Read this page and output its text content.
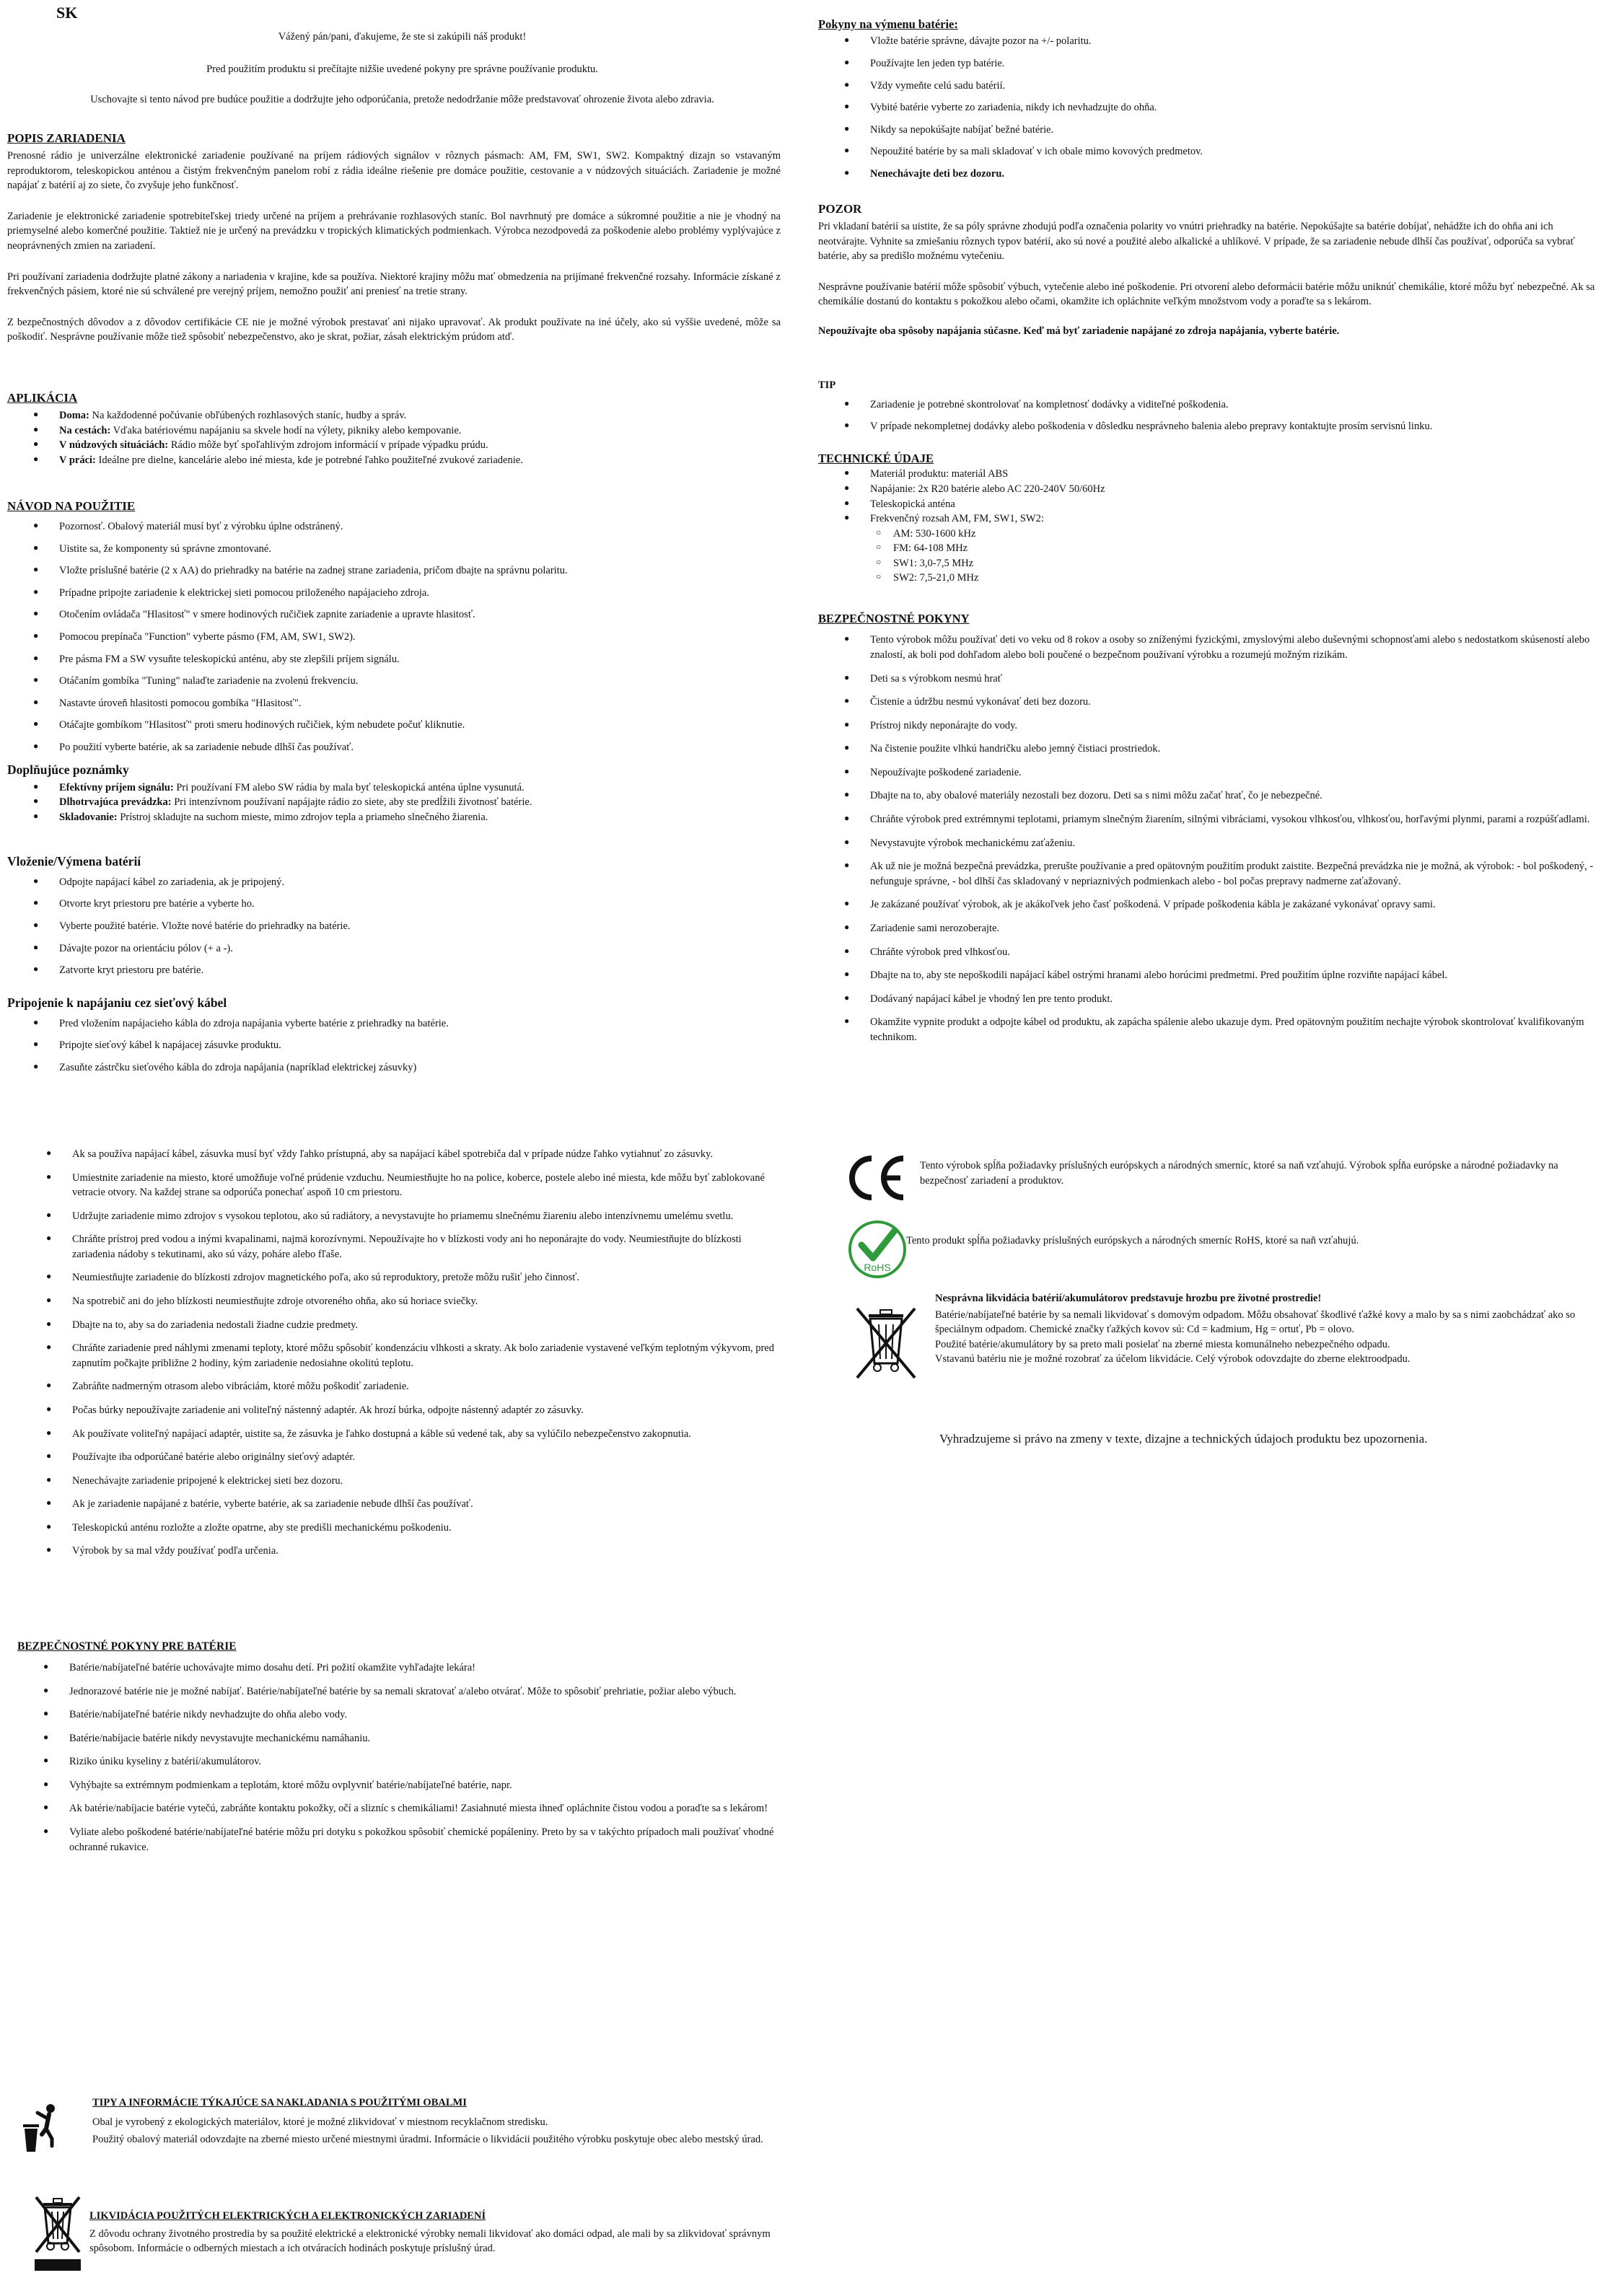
SK

Vážený pán/pani, ďakujeme, že ste si zakúpili náš produkt!

Pred použitím produktu si prečítajte nižšie uvedené pokyny pre správne používanie produktu.

Uschovajte si tento návod pre budúce použitie a dodržujte jeho odporúčania, pretože nedodržanie môže predstavovať ohrozenie života alebo zdravia.

POPIS ZARIADENIA

Prenosné rádio je univerzálne elektronické zariadenie používané na príjem rádiových signálov v rôznych pásmach: AM, FM, SW1, SW2. Kompaktný dizajn so vstavaným reproduktorom, teleskopickou anténou a čistým frekvenčným panelom robí z rádia ideálne riešenie pre domáce použitie, cestovanie a v núdzových situáciách. Zariadenie je možné napájať z batérií aj zo siete, čo zvyšuje jeho funkčnosť.

Zariadenie je elektronické zariadenie spotrebiteľskej triedy určené na príjem a prehrávanie rozhlasových staníc. Bol navrhnutý pre domáce a súkromné použitie a nie je vhodný na priemyselné alebo komerčné použitie. Taktiež nie je určený na prevádzku v tropických klimatických podmienkach. Výrobca nezodpovedá za poškodenie alebo problémy vyplývajúce z neoprávnených zmien na zariadení.

Pri používaní zariadenia dodržujte platné zákony a nariadenia v krajine, kde sa používa. Niektoré krajiny môžu mať obmedzenia na prijímané frekvenčné rozsahy. Informácie získané z frekvenčných pásiem, ktoré nie sú schválené pre verejný príjem, nemožno použiť ani preniesť na tretie strany.

Z bezpečnostných dôvodov a z dôvodov certifikácie CE nie je možné výrobok prestavať ani nijako upravovať. Ak produkt používate na iné účely, ako sú vyššie uvedené, môže sa poškodiť. Nesprávne používanie môže tiež spôsobiť nebezpečenstvo, ako je skrat, požiar, zásah elektrickým prúdom atď.

APLIKÁCIA
● Doma: Na každodenné počúvanie obľúbených rozhlasových staníc, hudby a správ.
● Na cestách: Vďaka batériovému napájaniu sa skvele hodí na výlety, pikniky alebo kempovanie.
● V núdzových situáciách: Rádio môže byť spoľahlivým zdrojom informácií v prípade výpadku prúdu.
● V práci: Ideálne pre dielne, kancelárie alebo iné miesta, kde je potrebné ľahko použiteľné zvukové zariadenie.
NÁVOD NA POUŽITIE
● Pozornosť. Obalový materiál musí byť z výrobku úplne odstránený.
● Uistite sa, že komponenty sú správne zmontované.
● Vložte príslušné batérie (2 x AA) do priehradky na batérie na zadnej strane zariadenia, pričom dbajte na správnu polaritu.
● Prípadne pripojte zariadenie k elektrickej sieti pomocou priloženého napájacieho zdroja.
● Otočením ovládača "Hlasitosť" v smere hodinových ručičiek zapnite zariadenie a upravte hlasitosť.
● Pomocou prepínača "Function" vyberte pásmo (FM, AM, SW1, SW2).
● Pre pásma FM a SW vysuňte teleskopickú anténu, aby ste zlepšili príjem signálu.
● Otáčaním gombíka "Tuning" nalaďte zariadenie na zvolenú frekvenciu.
● Nastavte úroveň hlasitosti pomocou gombíka "Hlasitosť".
● Otáčajte gombíkom "Hlasitosť" proti smeru hodinových ručičiek, kým nebudete počuť kliknutie.
● Po použití vyberte batérie, ak sa zariadenie nebude dlhší čas používať.
Doplňujúce poznámky
● Efektívny príjem signálu: Pri používaní FM alebo SW rádia by mala byť teleskopická anténa úplne vysunutá.
● Dlhotrvajúca prevádzka: Pri intenzívnom používaní napájajte rádio zo siete, aby ste predĺžili životnosť batérie.
● Skladovanie: Prístroj skladujte na suchom mieste, mimo zdrojov tepla a priameho slnečného žiarenia.
Vloženie/Výmena batérií
● Odpojte napájací kábel zo zariadenia, ak je pripojený.
● Otvorte kryt priestoru pre batérie a vyberte ho.
● Vyberte použité batérie. Vložte nové batérie do priehradky na batérie.
● Dávajte pozor na orientáciu pólov (+ a -).
● Zatvorte kryt priestoru pre batérie.
Pripojenie k napájaniu cez sieťový kábel
● Pred vložením napájacieho kábla do zdroja napájania vyberte batérie z priehradky na batérie.
● Pripojte sieťový kábel k napájacej zásuvke produktu.
● Zasuňte zástrčku sieťového kábla do zdroja napájania (napríklad elektrickej zásuvky)
● Ak sa používa napájací kábel, zásuvka musí byť vždy ľahko prístupná, aby sa napájací kábel spotrebiča dal v prípade núdze ľahko vytiahnuť zo zásuvky.
● Umiestnite zariadenie na miesto, ktoré umožňuje voľné prúdenie vzduchu. Neumiestňujte ho na police, koberce, postele alebo iné miesta, kde môžu byť zablokované vetracie otvory. Na každej strane sa odporúča ponechať aspoň 10 cm priestoru.
● Udržujte zariadenie mimo zdrojov s vysokou teplotou, ako sú radiátory, a nevystavujte ho priamemu slnečnému žiareniu alebo intenzívnemu umelému svetlu.
● Chráňte prístroj pred vodou a inými kvapalinami, najmä korozívnymi. Nepoužívajte ho v blízkosti vody ani ho neponárajte do vody. Neumiestňujte do blízkosti zariadenia nádoby s tekutinami, ako sú vázy, poháre alebo fľaše.
● Neumiestňujte zariadenie do blízkosti zdrojov magnetického poľa, ako sú reproduktory, pretože môžu rušiť jeho činnosť.
● Na spotrebič ani do jeho blízkosti neumiestňujte zdroje otvoreného ohňa, ako sú horiace sviečky.
● Dbajte na to, aby sa do zariadenia nedostali žiadne cudzie predmety.
● Chráňte zariadenie pred náhlymi zmenami teploty, ktoré môžu spôsobiť kondenzáciu vlhkosti a skraty. Ak bolo zariadenie vystavené veľkým teplotným výkyvom, pred zapnutím počkajte približne 2 hodiny, kým zariadenie nedosiahne okolitú teplotu.
● Zabráňte nadmerným otrasom alebo vibráciám, ktoré môžu poškodiť zariadenie.
● Počas búrky nepoužívajte zariadenie ani voliteľný nástenný adaptér. Ak hrozí búrka, odpojte nástenný adaptér zo zásuvky.
● Ak používate voliteľný napájací adaptér, uistite sa, že zásuvka je ľahko dostupná a káble sú vedené tak, aby sa vylúčilo nebezpečenstvo zakopnutia.
● Používajte iba odporúčané batérie alebo originálny sieťový adaptér.
● Nenechávajte zariadenie pripojené k elektrickej sieti bez dozoru.
● Ak je zariadenie napájané z batérie, vyberte batérie, ak sa zariadenie nebude dlhší čas používať.
● Teleskopickú anténu rozložte a zložte opatrne, aby ste predišli mechanickému poškodeniu.
● Výrobok by sa mal vždy používať podľa určenia.
BEZPEČNOSTNÉ POKYNY PRE BATÉRIE
● Batérie/nabíjateľné batérie uchovávajte mimo dosahu detí. Pri požití okamžite vyhľadajte lekára!
● Jednorazové batérie nie je možné nabíjať. Batérie/nabíjateľné batérie by sa nemali skratovať a/alebo otvárať. Môže to spôsobiť prehriatie, požiar alebo výbuch.
● Batérie/nabíjateľné batérie nikdy nevhadzujte do ohňa alebo vody.
● Batérie/nabíjacie batérie nikdy nevystavujte mechanickému namáhaniu.
● Riziko úniku kyseliny z batérií/akumulátorov.
● Vyhýbajte sa extrémnym podmienkam a teplotám, ktoré môžu ovplyvniť batérie/nabíjateľné batérie, napr.
● Ak batérie/nabíjacie batérie vytečú, zabráňte kontaktu pokožky, očí a slizníc s chemikáliami! Zasiahnuté miesta ihneď opláchnite čistou vodou a poraďte sa s lekárom!
● Vyliate alebo poškodené batérie/nabíjateľné batérie môžu pri dotyku s pokožkou spôsobiť chemické popáleniny. Preto by sa v takýchto prípadoch mali používať vhodné ochranné rukavice.

TIPY A INFORMÁCIE TÝKAJÚCE SA NAKLADANIA S POUŽITÝMI OBALMI

Obal je vyrobený z ekologických materiálov, ktoré je možné zlikvidovať v miestnom recyklačnom stredisku.

Použitý obalový materiál odovzdajte na zberné miesto určené miestnymi úradmi. Informácie o likvidácii použitého výrobku poskytuje obec alebo mestský úrad.

LIKVIDÁCIA POUŽITÝCH ELEKTRICKÝCH A ELEKTRONICKÝCH ZARIADENÍ

Z dôvodu ochrany životného prostredia by sa použité elektrické a elektronické výrobky nemali likvidovať ako domáci odpad, ale mali by sa zlikvidovať správnym spôsobom. Informácie o odberných miestach a ich otváracích hodinách poskytuje príslušný úrad.

Pokyny na výmenu batérie:
● Vložte batérie správne, dávajte pozor na +/- polaritu.
● Používajte len jeden typ batérie.
● Vždy vymeňte celú sadu batérií.
● Vybité batérie vyberte zo zariadenia, nikdy ich nevhadzujte do ohňa.
● Nikdy sa nepokúšajte nabíjať bežné batérie.
● Nepoužité batérie by sa mali skladovať v ich obale mimo kovových predmetov.
● Nenechávajte deti bez dozoru.

POZOR

Pri vkladaní batérií sa uistite, že sa póly správne zhodujú podľa označenia polarity vo vnútri priehradky na batérie. Nepokúšajte sa batérie dobíjať, nehádžte ich do ohňa ani ich neotvárajte. Vyhnite sa zmiešaniu rôznych typov batérií, ako sú nové a použité alebo alkalické a uhlíkové. V prípade, že sa zariadenie nebude dlhší čas používať, odporúča sa vybrať batérie, aby sa predišlo možnému vytečeniu.

Nesprávne používanie batérií môže spôsobiť výbuch, vytečenie alebo iné poškodenie. Pri otvorení alebo deformácii batérie môžu uniknúť chemikálie, ktoré môžu byť nebezpečné. Ak sa chemikálie dostanú do kontaktu s pokožkou alebo očami, okamžite ich opláchnite veľkým množstvom vody a poraďte sa s lekárom.

Nepoužívajte oba spôsoby napájania súčasne. Keď má byť zariadenie napájané zo zdroja napájania, vyberte batérie.

TIP

● Zariadenie je potrebné skontrolovať na kompletnosť dodávky a viditeľné poškodenia.
● V prípade nekompletnej dodávky alebo poškodenia v dôsledku nesprávneho balenia alebo prepravy kontaktujte prosím servisnú linku.
TECHNICKÉ ÚDAJE
● Materiál produktu: materiál ABS
● Napájanie: 2x R20 batérie alebo AC 220-240V 50/60Hz
● Teleskopická anténa
● Frekvenčný rozsah AM, FM, SW1, SW2:
○ AM: 530-1600 kHz
○ FM: 64-108 MHz
○ SW1: 3,0-7,5 MHz
○ SW2: 7,5-21,0 MHz
BEZPEČNOSTNÉ POKYNY
● Tento výrobok môžu používať deti vo veku od 8 rokov a osoby so zníženými fyzickými, zmyslovými alebo duševnými schopnosťami alebo s nedostatkom skúseností alebo znalostí, ak boli pod dohľadom alebo boli poučené o bezpečnom používaní výrobku a rozumejú možným rizikám.
● Deti sa s výrobkom nesmú hrať
● Čistenie a údržbu nesmú vykonávať deti bez dozoru.
● Prístroj nikdy neponárajte do vody.
● Na čistenie použite vlhkú handričku alebo jemný čistiaci prostriedok.
● Nepoužívajte poškodené zariadenie.
● Dbajte na to, aby obalové materiály nezostali bez dozoru. Deti sa s nimi môžu začať hrať, čo je nebezpečné.
● Chráňte výrobok pred extrémnymi teplotami, priamym slnečným žiarením, silnými vibráciami, vysokou vlhkosťou, vlhkosťou, horľavými plynmi, parami a rozpúšťadlami.
● Nevystavujte výrobok mechanickému zaťaženiu.
● Ak už nie je možná bezpečná prevádzka, prerušte používanie a pred opätovným použitím produkt zaistite. Bezpečná prevádzka nie je možná, ak výrobok: - bol poškodený, - nefunguje správne, - bol dlhší čas skladovaný v nepriaznivých podmienkach alebo - bol počas prepravy nadmerne zaťažovaný.
● Je zakázané používať výrobok, ak je akákoľvek jeho časť poškodená. V prípade poškodenia kábla je zakázané vykonávať opravy sami.
● Zariadenie sami nerozoberajte.
● Chráňte výrobok pred vlhkosťou.
● Dbajte na to, aby ste nepoškodili napájací kábel ostrými hranami alebo horúcimi predmetmi. Pred použitím úplne rozviňte napájací kábel.
● Dodávaný napájací kábel je vhodný len pre tento produkt.
● Okamžite vypnite produkt a odpojte kábel od produktu, ak zapácha spálenie alebo ukazuje dym. Pred opätovným použitím nechajte výrobok skontrolovať kvalifikovaným technikom.

Tento výrobok spĺňa požiadavky príslušných európskych a národných smerníc, ktoré sa naň vzťahujú. Výrobok spĺňa európske a národné požiadavky na bezpečnosť zariadení a produktov.

RoHS

Tento produkt spĺňa požiadavky príslušných európskych a národných smerníc RoHS, ktoré sa naň vzťahujú.

Nesprávna likvidácia batérií/akumulátorov predstavuje hrozbu pre životné prostredie!

Batérie/nabíjateľné batérie by sa nemali likvidovať s domovým odpadom. Môžu obsahovať škodlivé ťažké kovy a malo by sa s nimi zaobchádzať ako so špeciálnym odpadom. Chemické značky ťažkých kovov sú: Cd = kadmium, Hg = ortuť, Pb = olovo.

Použité batérie/akumulátory by sa preto mali posielať na zberné miesta komunálneho nebezpečného odpadu.

Vstavanú batériu nie je možné rozobrať za účelom likvidácie. Celý výrobok odovzdajte do zberne elektroodpadu.

Vyhradzujeme si právo na zmeny v texte, dizajne a technických údajoch produktu bez upozornenia.
